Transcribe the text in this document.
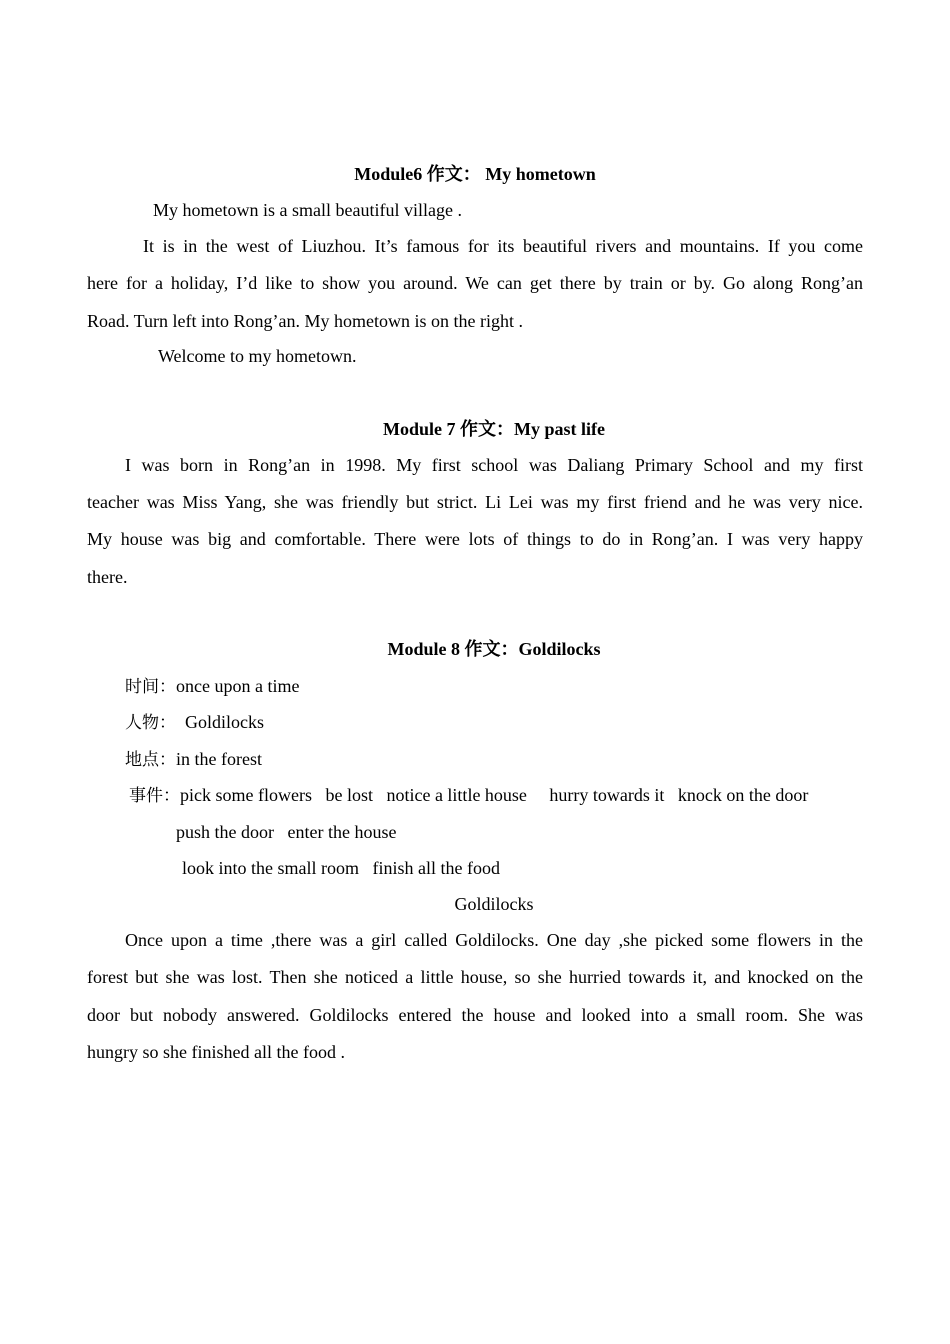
Module6 作文： My hometown
My hometown is a small beautiful village .
It is in the west of Liuzhou. It’s famous for its beautiful rivers and mountains. If you come
here for a holiday, I’d like to show you around. We can get there by train or by. Go along Rong’an
Road. Turn left into Rong’an. My hometown is on the right .
Welcome to my hometown.
Module 7 作文：My past life
I was born in Rong’an in 1998. My first school was Daliang Primary School and my first
teacher was Miss Yang, she was friendly but strict. Li Lei was my first friend and he was very nice.
My house was big and comfortable. There were lots of things to do in Rong’an. I was very happy
there.
Module 8 作文：Goldilocks
时间：once upon a time
人物：  Goldilocks
地点：in the forest
事件：pick some flowers   be lost   notice a little house     hurry towards it   knock on the door
push the door   enter the house
look into the small room   finish all the food
Goldilocks
Once upon a time ,there was a girl called Goldilocks. One day ,she picked some flowers in the
forest but she was lost. Then she noticed a little house, so she hurried towards it, and knocked on the
door but nobody answered. Goldilocks entered the house and looked into a small room. She was
hungry so she finished all the food .
